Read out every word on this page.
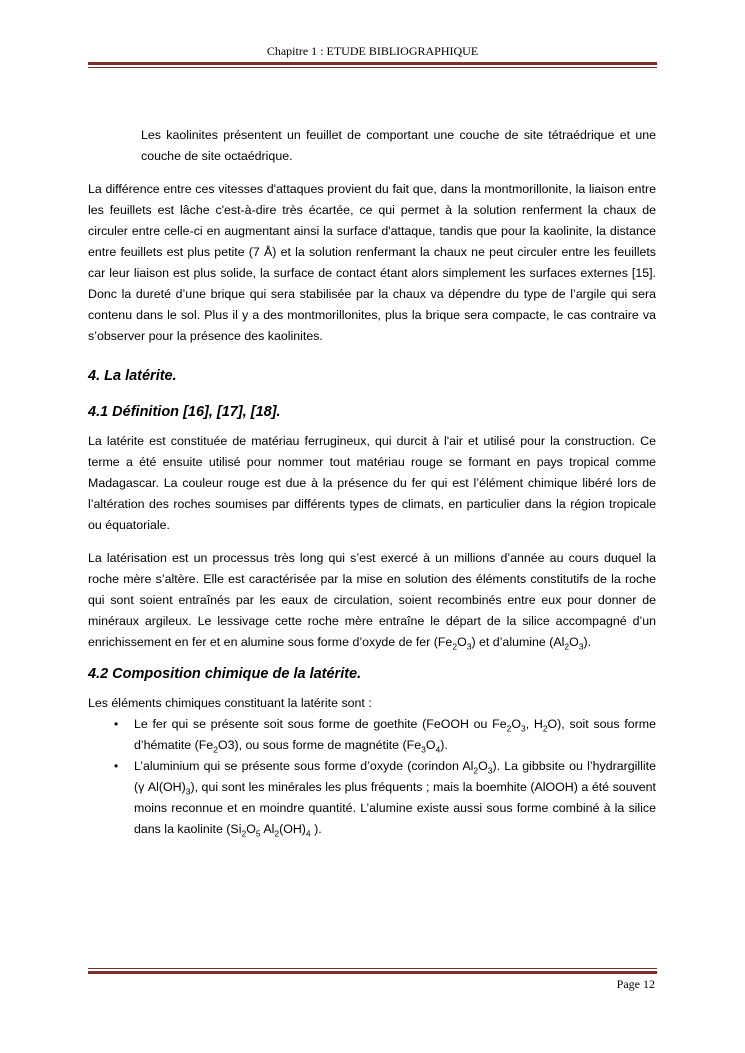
Chapitre 1 : ETUDE BIBLIOGRAPHIQUE

Les kaolinites présentent un feuillet de comportant une couche de site tétraédrique et une couche de site octaédrique.

La différence entre ces vitesses d'attaques provient du fait que, dans la montmorillonite, la liaison entre les feuillets est lâche c'est-à-dire très écartée, ce qui permet à la solution renferment la chaux de circuler entre celle-ci en augmentant ainsi la surface d'attaque, tandis que pour la kaolinite, la distance entre feuillets est plus petite (7 Å) et la solution renfermant la chaux ne peut circuler entre les feuillets car leur liaison est plus solide, la surface de contact étant alors simplement les surfaces externes [15]. Donc la dureté d’une brique qui sera stabilisée par la chaux va dépendre du type de l’argile qui sera contenu dans le sol. Plus il y a des montmorillonites, plus la brique sera compacte, le cas contraire va s’observer pour la présence des kaolinites.

4. La latérite.
4.1 Définition [16], [17], [18].

La latérite est constituée de matériau ferrugineux, qui durcit à l'air et utilisé pour la construction. Ce terme a été ensuite utilisé pour nommer tout matériau rouge se formant en pays tropical comme Madagascar. La couleur rouge est due à la présence du fer qui est l’élément chimique libéré lors de l’altération des roches soumises par différents types de climats, en particulier dans la région tropicale ou équatoriale.

La latérisation est un processus très long qui s’est exercé à un millions d’année au cours duquel la roche mère s’altère. Elle est caractérisée par la mise en solution des éléments constitutifs de la roche qui sont soient entraînés par les eaux de circulation, soient recombinés entre eux pour donner de minéraux argileux. Le lessivage cette roche mère entraîne le départ de la silice accompagné d’un enrichissement en fer et en alumine sous forme d’oxyde de fer $(Fe_2O_3)$ et d’alumine $(Al_2O_3)$.

4.2 Composition chimique de la latérite.

Les éléments chimiques constituant la latérite sont :

• Le fer qui se présente soit sous forme de goethite (FeOOH ou $Fe_2O_3$, $H_2O$), soit sous forme d’hématite $(Fe_2O3)$, ou sous forme de magnétite $(Fe_3O_4)$.
• L’aluminium qui se présente sous forme d’oxyde (corindon $Al_2O_3$). La gibbsite ou l’hydrargillite (γ $Al(OH)_3$), qui sont les minérales les plus fréquents ; mais la boemhite (AlOOH) a été souvent moins reconnue et en moindre quantité. L’alumine existe aussi sous forme combiné à la silice dans la kaolinite ($Si_2O_5$ $Al_2(OH)_4$ ).
Page 12
